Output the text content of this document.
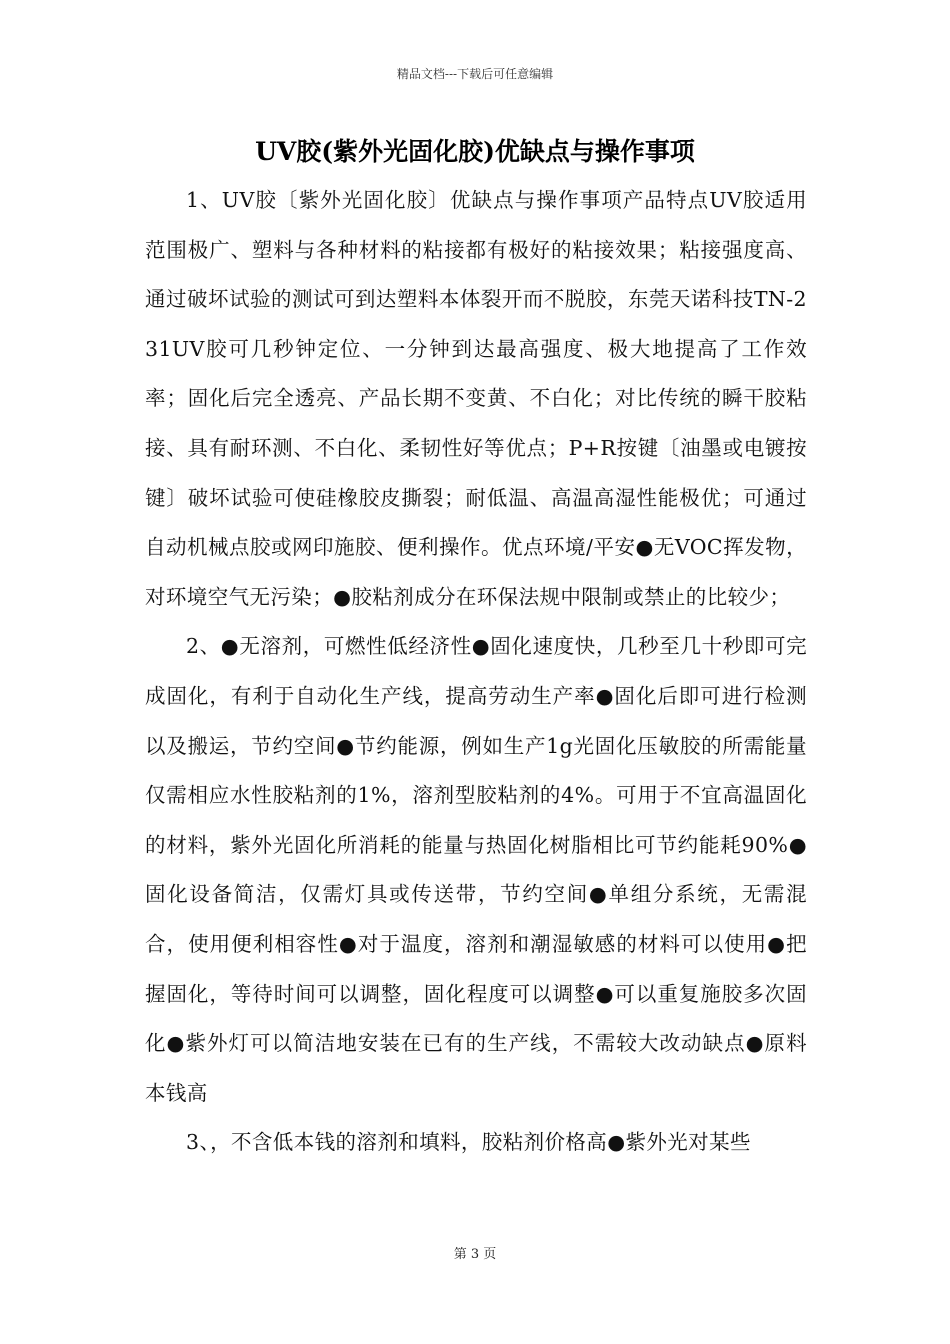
精品文档---下载后可任意编辑
UV胶(紫外光固化胶)优缺点与操作事项

1、UV胶〔紫外光固化胶〕优缺点与操作事项产品特点UV胶适用范围极广、塑料与各种材料的粘接都有极好的粘接效果；粘接强度高、通过破坏试验的测试可到达塑料本体裂开而不脱胶，东莞天诺科技TN-231UV胶可几秒钟定位、一分钟到达最高强度、极大地提高了工作效率；固化后完全透亮、产品长期不变黄、不白化；对比传统的瞬干胶粘接、具有耐环测、不白化、柔韧性好等优点；P+R按键〔油墨或电镀按键〕破坏试验可使硅橡胶皮撕裂；耐低温、高温高湿性能极优；可通过自动机械点胶或网印施胶、便利操作。优点环境/平安●无VOC挥发物，对环境空气无污染；●胶粘剂成分在环保法规中限制或禁止的比较少；

2、●无溶剂，可燃性低经济性●固化速度快，几秒至几十秒即可完成固化，有利于自动化生产线，提高劳动生产率●固化后即可进行检测以及搬运，节约空间●节约能源，例如生产1g光固化压敏胶的所需能量仅需相应水性胶粘剂的1%，溶剂型胶粘剂的4%。可用于不宜高温固化的材料，紫外光固化所消耗的能量与热固化树脂相比可节约能耗90%●固化设备简洁，仅需灯具或传送带，节约空间●单组分系统，无需混合，使用便利相容性●对于温度，溶剂和潮湿敏感的材料可以使用●把握固化，等待时间可以调整，固化程度可以调整●可以重复施胶多次固化●紫外灯可以简洁地安装在已有的生产线，不需较大改动缺点●原料本钱高

3、，不含低本钱的溶剂和填料，胶粘剂价格高●紫外光对某些

第 3 页
